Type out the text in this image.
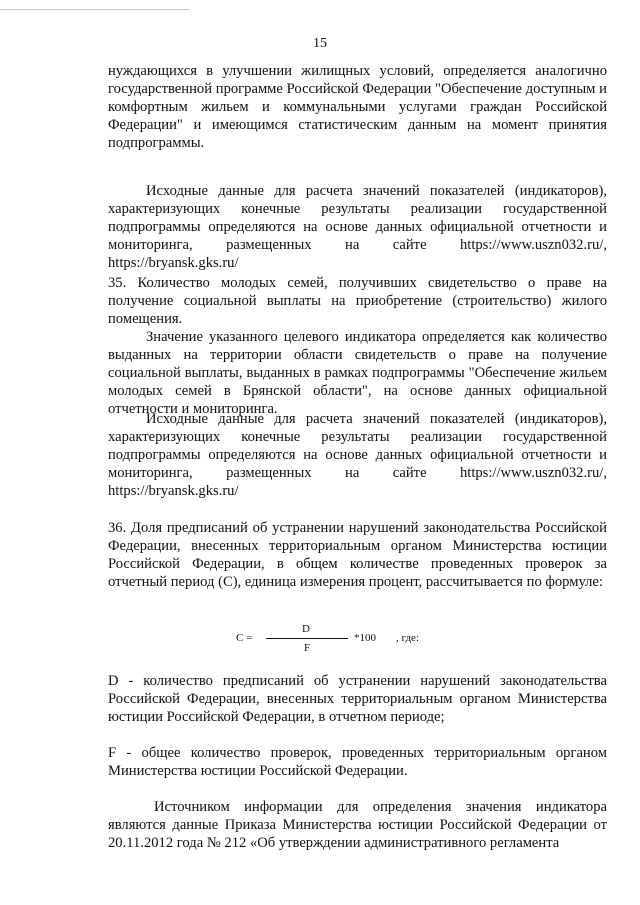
15

нуждающихся в улучшении жилищных условий, определяется аналогично государственной программе Российской Федерации "Обеспечение доступным и комфортным жильем и коммунальными услугами граждан Российской Федерации" и имеющимся статистическим данным на момент принятия подпрограммы.

Исходные данные для расчета значений показателей (индикаторов), характеризующих конечные результаты реализации государственной подпрограммы определяются на основе данных официальной отчетности и мониторинга, размещенных на сайте https://www.uszn032.ru/, https://bryansk.gks.ru/

35. Количество молодых семей, получивших свидетельство о праве на получение социальной выплаты на приобретение (строительство) жилого помещения.

Значение указанного целевого индикатора определяется как количество выданных на территории области свидетельств о праве на получение социальной выплаты, выданных в рамках подпрограммы "Обеспечение жильем молодых семей в Брянской области", на основе данных официальной отчетности и мониторинга.

Исходные данные для расчета значений показателей (индикаторов), характеризующих конечные результаты реализации государственной подпрограммы определяются на основе данных официальной отчетности и мониторинга, размещенных на сайте https://www.uszn032.ru/, https://bryansk.gks.ru/

36. Доля предписаний об устранении нарушений законодательства Российской Федерации, внесенных территориальным органом Министерства юстиции Российской Федерации, в общем количестве проведенных проверок за отчетный период (С), единица измерения процент, рассчитывается по формуле:

C =
D
F
*100 , где:

D - количество предписаний об устранении нарушений законодательства Российской Федерации, внесенных территориальным органом Министерства юстиции Российской Федерации, в отчетном периоде;

F - общее количество проверок, проведенных территориальным органом Министерства юстиции Российской Федерации.

Источником информации для определения значения индикатора являются данные Приказа Министерства юстиции Российской Федерации от 20.11.2012 года № 212 «Об утверждении административного регламента
